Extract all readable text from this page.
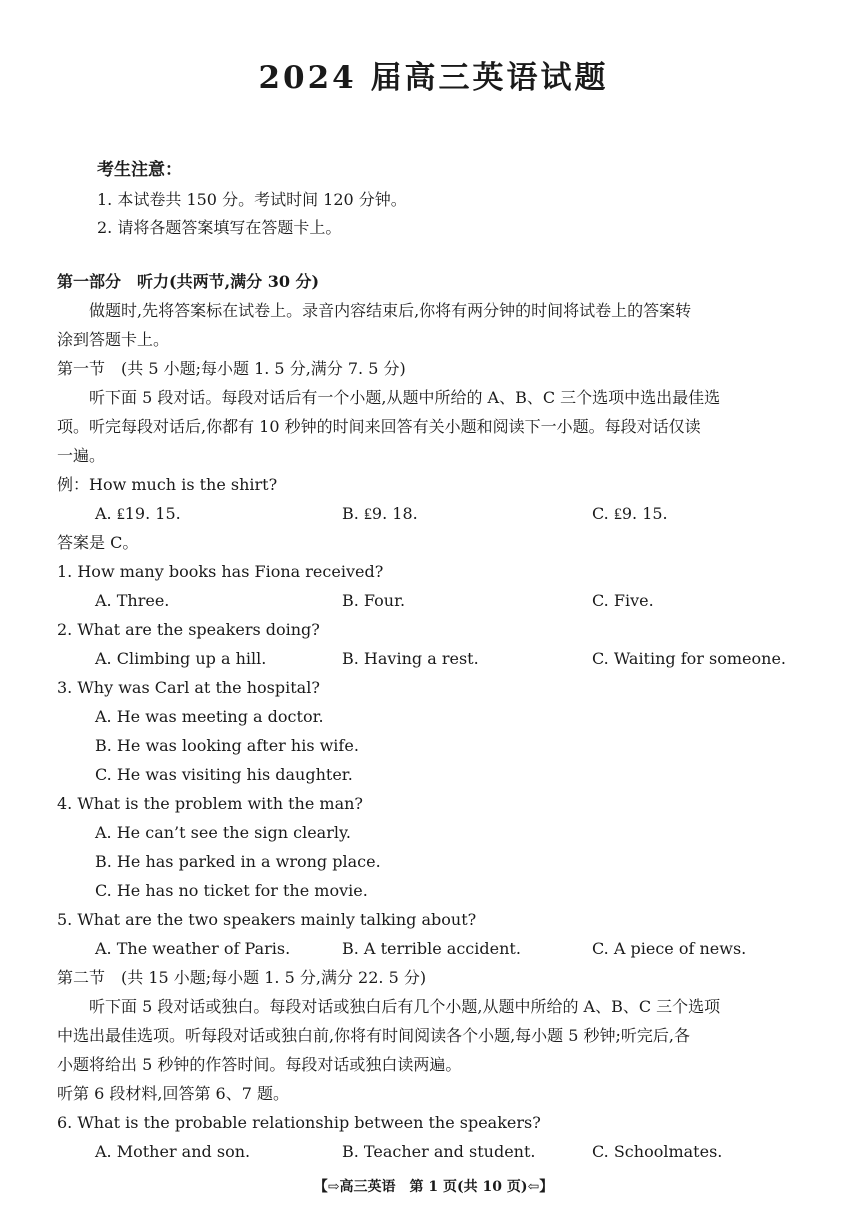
2024 届高三英语试题
考生注意：
1. 本试卷共 150 分。考试时间 120 分钟。
2. 请将各题答案填写在答题卡上。
第一部分　听力(共两节,满分 30 分)
做题时,先将答案标在试卷上。录音内容结束后,你将有两分钟的时间将试卷上的答案转
涂到答题卡上。
第一节　(共 5 小题;每小题 1. 5 分,满分 7. 5 分)
听下面 5 段对话。每段对话后有一个小题,从题中所给的 A、B、C 三个选项中选出最佳选
项。听完每段对话后,你都有 10 秒钟的时间来回答有关小题和阅读下一小题。每段对话仅读
一遍。
例：How much is the shirt?
A. ₤19. 15.	B. ₤9. 18.	C. ₤9. 15.
答案是 C。
1. How many books has Fiona received?
A. Three.	B. Four.	C. Five.
2. What are the speakers doing?
A. Climbing up a hill.	B. Having a rest.	C. Waiting for someone.
3. Why was Carl at the hospital?
A. He was meeting a doctor.
B. He was looking after his wife.
C. He was visiting his daughter.
4. What is the problem with the man?
A. He can’t see the sign clearly.
B. He has parked in a wrong place.
C. He has no ticket for the movie.
5. What are the two speakers mainly talking about?
A. The weather of Paris.	B. A terrible accident.	C. A piece of news.
第二节　(共 15 小题;每小题 1. 5 分,满分 22. 5 分)
听下面 5 段对话或独白。每段对话或独白后有几个小题,从题中所给的 A、B、C 三个选项
中选出最佳选项。听每段对话或独白前,你将有时间阅读各个小题,每小题 5 秒钟;听完后,各
小题将给出 5 秒钟的作答时间。每段对话或独白读两遍。
听第 6 段材料,回答第 6、7 题。
6. What is the probable relationship between the speakers?
A. Mother and son.	B. Teacher and student.	C. Schoolmates.
【⇨高三英语　第 1 页(共 10 页)⇦】
